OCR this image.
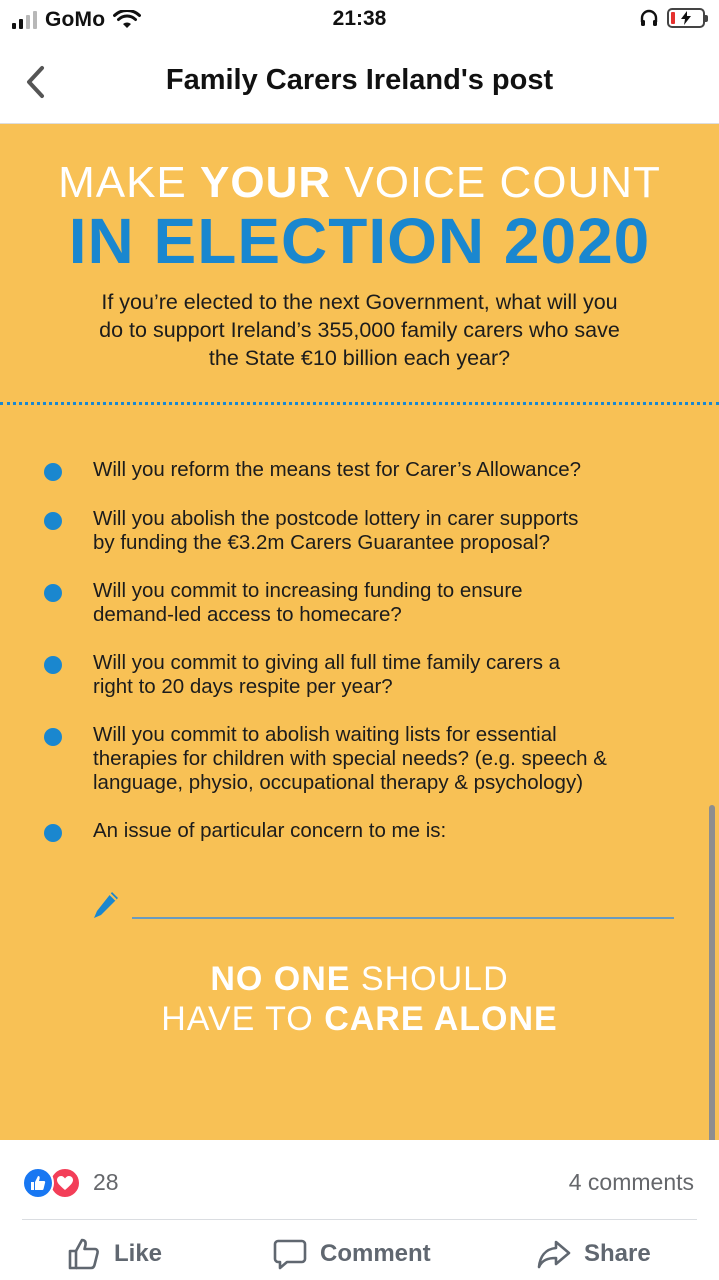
GoMo	21:38
Family Carers Ireland's post
MAKE YOUR VOICE COUNT
IN ELECTION 2020
If you’re elected to the next Government, what will you
do to support Ireland’s 355,000 family carers who save
the State €10 billion each year?
Will you reform the means test for Carer’s Allowance?
Will you abolish the postcode lottery in carer supports
by funding the €3.2m Carers Guarantee proposal?
Will you commit to increasing funding to ensure
demand-led access to homecare?
Will you commit to giving all full time family carers a
right to 20 days respite per year?
Will you commit to abolish waiting lists for essential
therapies for children with special needs? (e.g. speech &
language, physio, occupational therapy & psychology)
An issue of particular concern to me is:
NO ONE SHOULD
HAVE TO CARE ALONE
28	4 comments
Like	Comment	Share
